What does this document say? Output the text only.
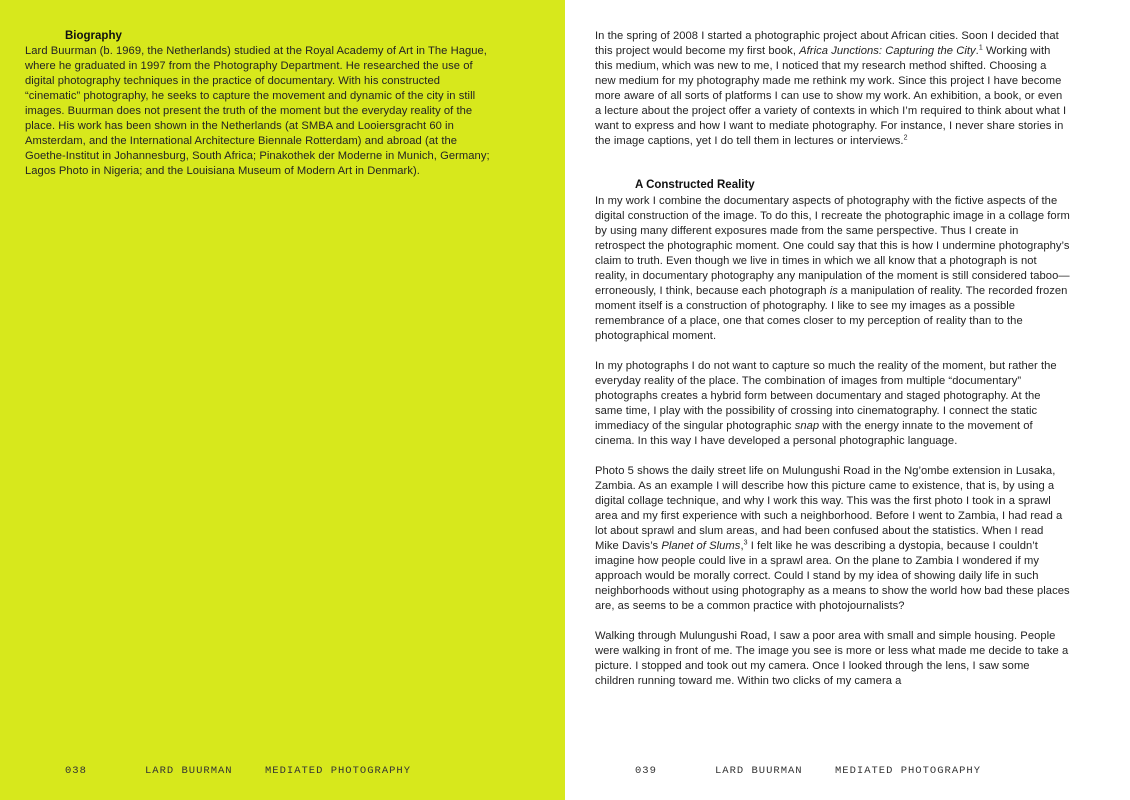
Biography

Lard Buurman (b. 1969, the Netherlands) studied at the Royal Academy of Art in The Hague, where he graduated in 1997 from the Photography Department. He researched the use of digital photography techniques in the practice of documentary. With his constructed “cinematic” photography, he seeks to capture the movement and dynamic of the city in still images. Buurman does not present the truth of the moment but the everyday reality of the place. His work has been shown in the Netherlands (at SMBA and Looiersgracht 60 in Amsterdam, and the International Architecture Biennale Rotterdam) and abroad (at the Goethe-Institut in Johannesburg, South Africa; Pinakothek der Moderne in Munich, Germany; Lagos Photo in Nigeria; and the Louisiana Museum of Modern Art in Denmark).

038	LARD BUURMAN	MEDIATED PHOTOGRAPHY

In the spring of 2008 I started a photographic project about African cities. Soon I decided that this project would become my first book, Africa Junctions: Capturing the City.$^1$ Working with this medium, which was new to me, I noticed that my research method shifted. Choosing a new medium for my photography made me rethink my work. Since this project I have become more aware of all sorts of platforms I can use to show my work. An exhibition, a book, or even a lecture about the project offer a variety of contexts in which I’m required to think about what I want to express and how I want to mediate photography. For instance, I never share stories in the image captions, yet I do tell them in lectures or interviews.$^2$

A Constructed Reality

In my work I combine the documentary aspects of photography with the fictive aspects of the digital construction of the image. To do this, I recreate the photographic image in a collage form by using many different exposures made from the same perspective. Thus I create in retrospect the photographic moment. One could say that this is how I undermine photography’s claim to truth. Even though we live in times in which we all know that a photograph is not reality, in documentary photography any manipulation of the moment is still considered taboo—erroneously, I think, because each photograph is a manipulation of reality. The recorded frozen moment itself is a construction of photography. I like to see my images as a possible remembrance of a place, one that comes closer to my perception of reality than to the photographical moment.

In my photographs I do not want to capture so much the reality of the moment, but rather the everyday reality of the place. The combination of images from multiple “documentary” photographs creates a hybrid form between documentary and staged photography. At the same time, I play with the possibility of crossing into cinematography. I connect the static immediacy of the singular photographic snap with the energy innate to the movement of cinema. In this way I have developed a personal photographic language.

Photo 5 shows the daily street life on Mulungushi Road in the Ng’ombe extension in Lusaka, Zambia. As an example I will describe how this picture came to existence, that is, by using a digital collage technique, and why I work this way. This was the first photo I took in a sprawl area and my first experience with such a neighborhood. Before I went to Zambia, I had read a lot about sprawl and slum areas, and had been confused about the statistics. When I read Mike Davis’s Planet of Slums,$^3$ I felt like he was describing a dystopia, because I couldn’t imagine how people could live in a sprawl area. On the plane to Zambia I wondered if my approach would be morally correct. Could I stand by my idea of showing daily life in such neighborhoods without using photography as a means to show the world how bad these places are, as seems to be a common practice with photojournalists?

Walking through Mulungushi Road, I saw a poor area with small and simple housing. People were walking in front of me. The image you see is more or less what made me decide to take a picture. I stopped and took out my camera. Once I looked through the lens, I saw some children running toward me. Within two clicks of my camera a

039	LARD BUURMAN	MEDIATED PHOTOGRAPHY
